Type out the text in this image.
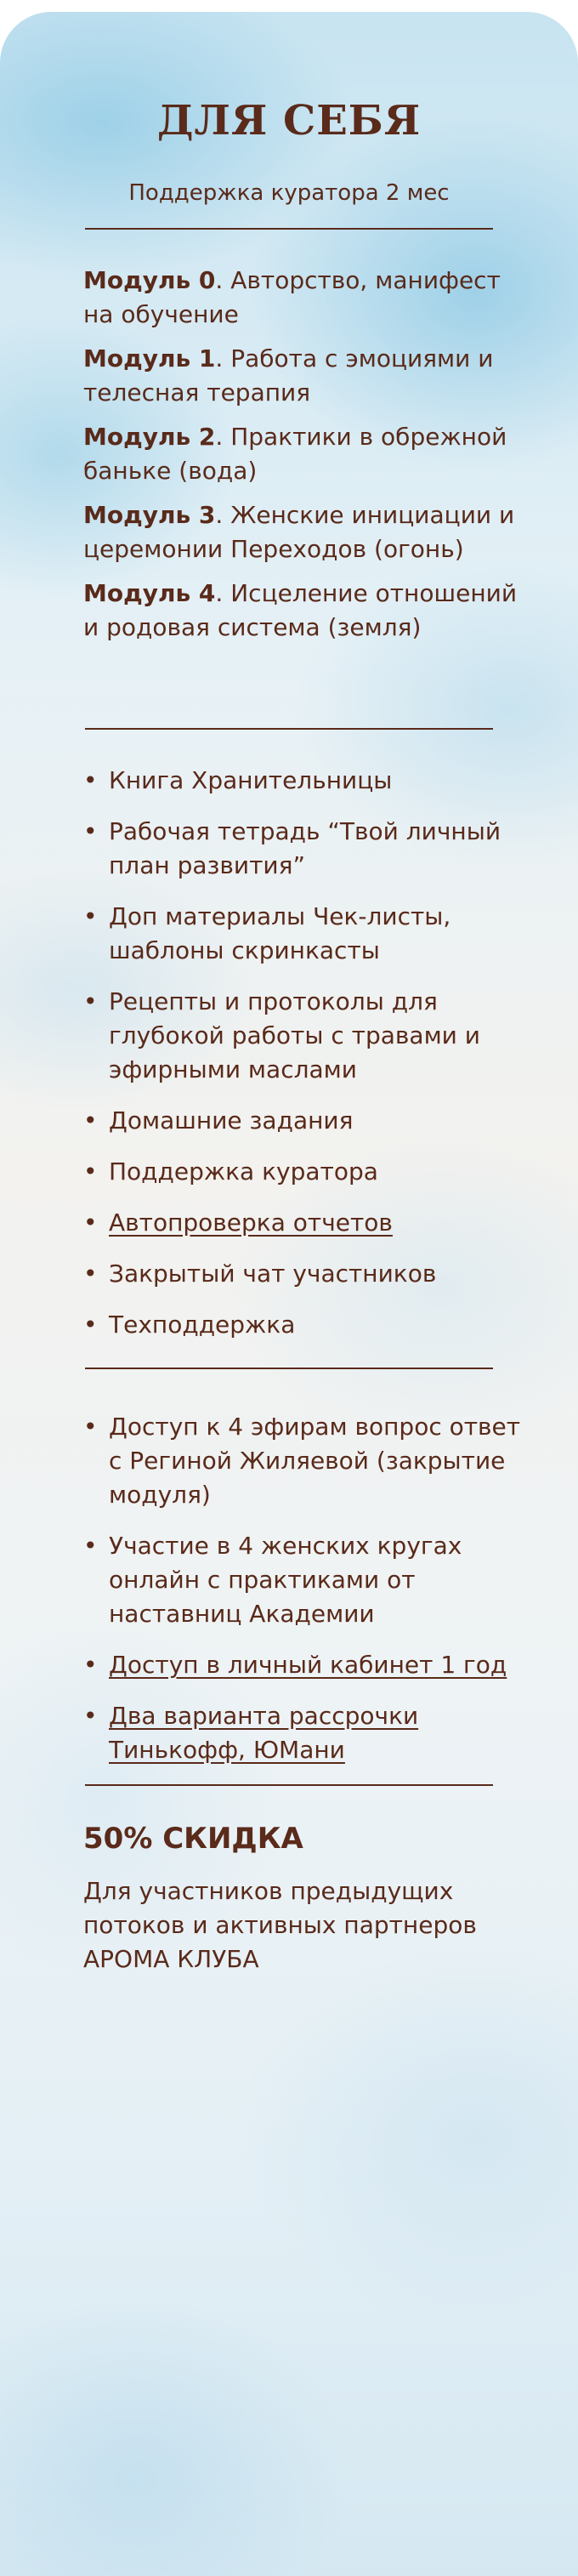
ДЛЯ СЕБЯ
Поддержка куратора 2 мес
Модуль 0. Авторство, манифест на обучение
Модуль 1. Работа с эмоциями и телесная терапия
Модуль 2. Практики в обрежной баньке (вода)
Модуль 3. Женские инициации и церемонии Переходов (огонь)
Модуль 4. Исцеление отношений и родовая система (земля)
• Книга Хранительницы
• Рабочая тетрадь “Твой личный план развития”
• Доп материалы Чек-листы, шаблоны скринкасты
• Рецепты и протоколы для глубокой работы с травами и эфирными маслами
• Домашние задания
• Поддержка куратора
• Автопроверка отчетов
• Закрытый чат участников
• Техподдержка
• Доступ к 4 эфирам вопрос ответ с Региной Жиляевой (закрытие модуля)
• Участие в 4 женских кругах онлайн с практиками от наставниц Академии
• Доступ в личный кабинет 1 год
• Два варианта рассрочки Тинькофф, ЮМани
50% СКИДКА
Для участников предыдущих потоков и активных партнеров АРОМА КЛУБА
